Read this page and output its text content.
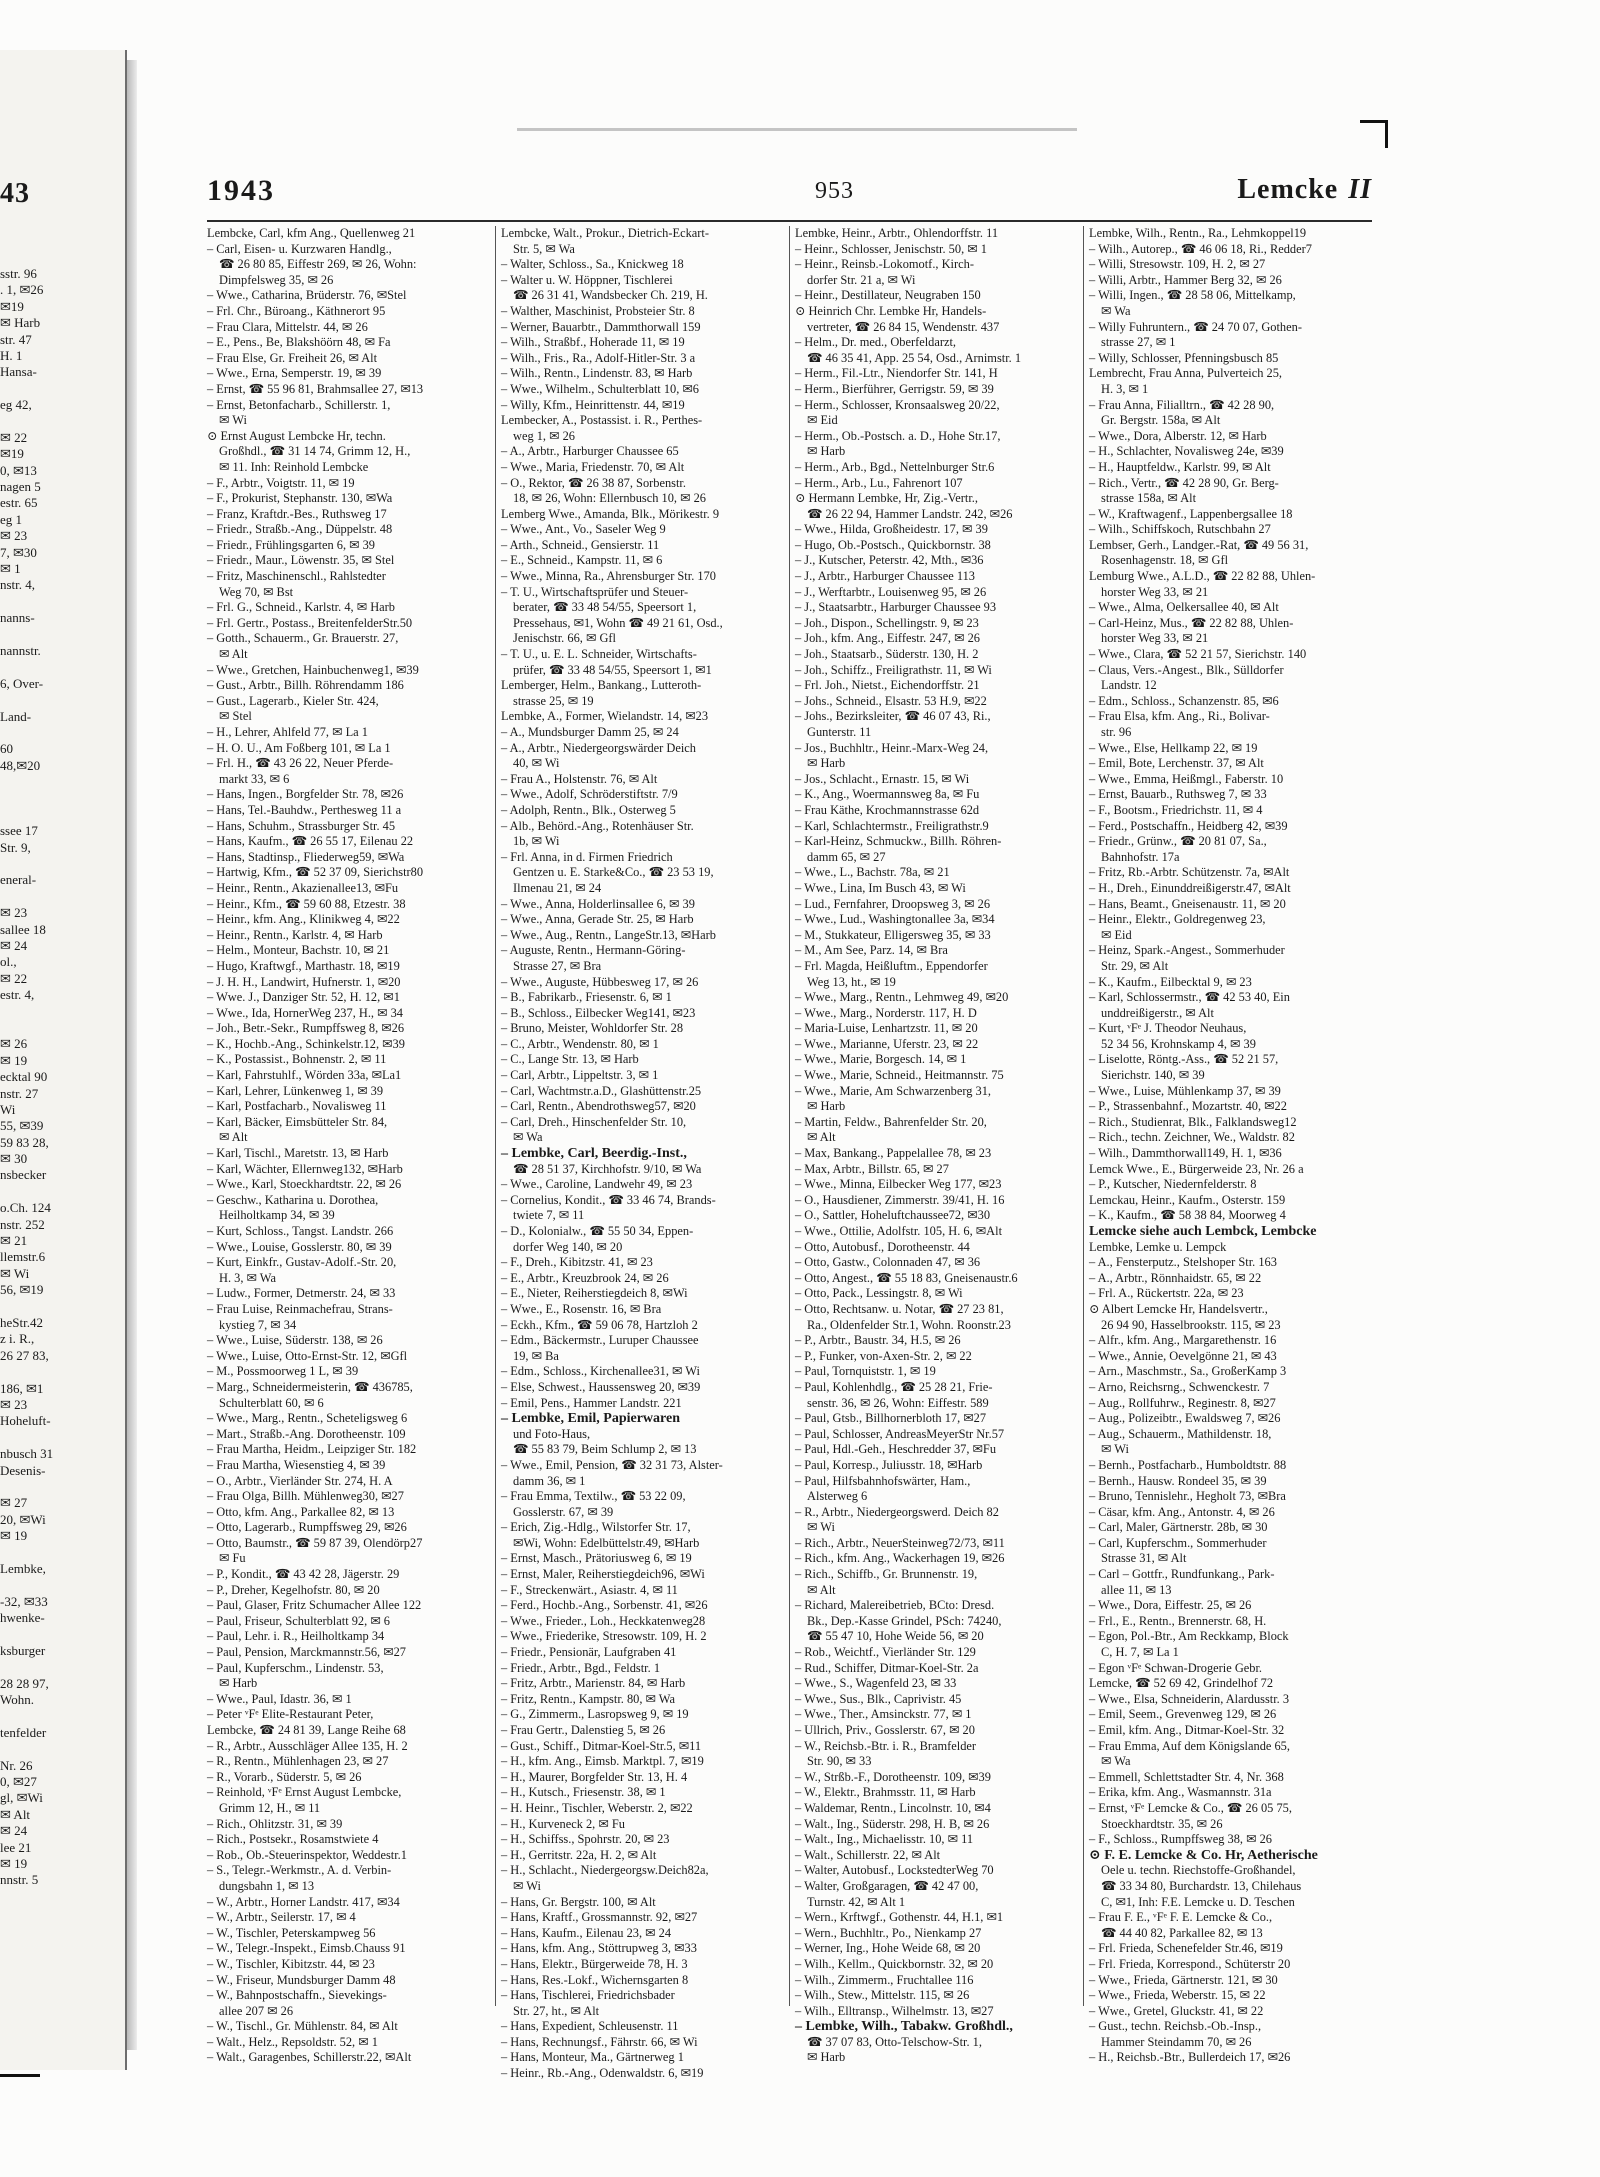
43
sstr. 96
. 1, ✉26
✉19
✉ Harb
str. 47
H. 1
Hansa-
eg 42,
✉ 22
✉19
0, ✉13
nagen 5
estr. 65
eg 1
✉ 23
7, ✉30
✉ 1
nstr. 4,
nanns-
nannstr.
6, Over-
Land-
60
48,✉20
ssee 17
Str. 9,
eneral-
✉ 23
sallee 18
✉ 24
ol.,
✉ 22
estr. 4,
✉ 26
✉ 19
ecktal 90
nstr. 27
Wi
55, ✉39
59 83 28,
✉ 30
nsbecker
o.Ch. 124
nstr. 252
✉ 21
llemstr.6
✉ Wi
56, ✉19
heStr.42
z i. R.,
26 27 83,
186, ✉1
✉ 23
Hoheluft-
nbusch 31
Desenis-
✉ 27
20, ✉Wi
✉ 19
Lembke,
-32, ✉33
hwenke-
ksburger
28 28 97,
Wohn.
tenfelder
Nr. 26
0, ✉27
gl, ✉Wi
✉ Alt
✉ 24
lee 21
✉ 19
nnstr. 5
1943	953	Lemcke II
Lembcke, Carl, kfm Ang., Quellenweg 21
– Carl, Eisen- u. Kurzwaren Handlg.,
☎ 26 80 85, Eiffestr 269, ✉ 26, Wohn:
Dimpfelsweg 35, ✉ 26
– Wwe., Catharina, Brüderstr. 76, ✉Stel
– Frl. Chr., Büroang., Käthnerort 95
– Frau Clara, Mittelstr. 44, ✉ 26
– E., Pens., Be, Blakshöörn 48, ✉ Fa
– Frau Else, Gr. Freiheit 26, ✉ Alt
– Wwe., Erna, Semperstr. 19, ✉ 39
– Ernst, ☎ 55 96 81, Brahmsallee 27, ✉13
– Ernst, Betonfacharb., Schillerstr. 1,
✉ Wi
⊙ Ernst August Lembcke Hr, techn.
Großhdl., ☎ 31 14 74, Grimm 12, H.,
✉ 11. Inh: Reinhold Lembcke
– F., Arbtr., Voigtstr. 11, ✉ 19
– F., Prokurist, Stephanstr. 130, ✉Wa
– Franz, Kraftdr.-Bes., Ruthsweg 17
– Friedr., Straßb.-Ang., Düppelstr. 48
– Friedr., Frühlingsgarten 6, ✉ 39
– Friedr., Maur., Löwenstr. 35, ✉ Stel
– Fritz, Maschinenschl., Rahlstedter
Weg 70, ✉ Bst
– Frl. G., Schneid., Karlstr. 4, ✉ Harb
– Frl. Gertr., Postass., BreitenfelderStr.50
– Gotth., Schauerm., Gr. Brauerstr. 27,
✉ Alt
– Wwe., Gretchen, Hainbuchenweg1, ✉39
– Gust., Arbtr., Billh. Röhrendamm 186
– Gust., Lagerarb., Kieler Str. 424,
✉ Stel
– H., Lehrer, Ahlfeld 77, ✉ La 1
– H. O. U., Am Foßberg 101, ✉ La 1
– Frl. H., ☎ 43 26 22, Neuer Pferde-
markt 33, ✉ 6
– Hans, Ingen., Borgfelder Str. 78, ✉26
– Hans, Tel.-Bauhdw., Perthesweg 11 a
– Hans, Schuhm., Strassburger Str. 45
– Hans, Kaufm., ☎ 26 55 17, Eilenau 22
– Hans, Stadtinsp., Fliederweg59, ✉Wa
– Hartwig, Kfm., ☎ 52 37 09, Sierichstr80
– Heinr., Rentn., Akazienallee13, ✉Fu
– Heinr., Kfm., ☎ 59 60 88, Etzestr. 38
– Heinr., kfm. Ang., Klinikweg 4, ✉22
– Heinr., Rentn., Karlstr. 4, ✉ Harb
– Helm., Monteur, Bachstr. 10, ✉ 21
– Hugo, Kraftwgf., Marthastr. 18, ✉19
– J. H. H., Landwirt, Hufnerstr. 1, ✉20
– Wwe. J., Danziger Str. 52, H. 12, ✉1
– Wwe., Ida, HornerWeg 237, H., ✉ 34
– Joh., Betr.-Sekr., Rumpffsweg 8, ✉26
– K., Hochb.-Ang., Schinkelstr.12, ✉39
– K., Postassist., Bohnenstr. 2, ✉ 11
– Karl, Fahrstuhlf., Wörden 33a, ✉La1
– Karl, Lehrer, Lünkenweg 1, ✉ 39
– Karl, Postfacharb., Novalisweg 11
– Karl, Bäcker, Eimsbütteler Str. 84,
✉ Alt
– Karl, Tischl., Maretstr. 13, ✉ Harb
– Karl, Wächter, Ellernweg132, ✉Harb
– Wwe., Karl, Stoeckhardtstr. 22, ✉ 26
– Geschw., Katharina u. Dorothea,
Heilholtkamp 34, ✉ 39
– Kurt, Schloss., Tangst. Landstr. 266
– Wwe., Louise, Gosslerstr. 80, ✉ 39
– Kurt, Einkfr., Gustav-Adolf.-Str. 20,
H. 3, ✉ Wa
– Ludw., Former, Detmerstr. 24, ✉ 33
– Frau Luise, Reinmachefrau, Strans-
kystieg 7, ✉ 34
– Wwe., Luise, Süderstr. 138, ✉ 26
– Wwe., Luise, Otto-Ernst-Str. 12, ✉Gfl
– M., Possmoorweg 1 L, ✉ 39
– Marg., Schneidermeisterin, ☎ 436785,
Schulterblatt 60, ✉ 6
– Wwe., Marg., Rentn., Scheteligsweg 6
– Mart., Straßb.-Ang. Dorotheenstr. 109
– Frau Martha, Heidm., Leipziger Str. 182
– Frau Martha, Wiesenstieg 4, ✉ 39
– O., Arbtr., Vierländer Str. 274, H. A
– Frau Olga, Billh. Mühlenweg30, ✉27
– Otto, kfm. Ang., Parkallee 82, ✉ 13
– Otto, Lagerarb., Rumpffsweg 29, ✉26
– Otto, Baumstr., ☎ 59 87 39, Olendörp27
✉ Fu
– P., Kondit., ☎ 43 42 28, Jägerstr. 29
– P., Dreher, Kegelhofstr. 80, ✉ 20
– Paul, Glaser, Fritz Schumacher Allee 122
– Paul, Friseur, Schulterblatt 92, ✉ 6
– Paul, Lehr. i. R., Heilholtkamp 34
– Paul, Pension, Marckmannstr.56, ✉27
– Paul, Kupferschm., Lindenstr. 53,
✉ Harb
– Wwe., Paul, Idastr. 36, ✉ 1
– Peter ᵛFᵉ Elite-Restaurant Peter,
Lembcke, ☎ 24 81 39, Lange Reihe 68
– R., Arbtr., Ausschläger Allee 135, H. 2
– R., Rentn., Mühlenhagen 23, ✉ 27
– R., Vorarb., Süderstr. 5, ✉ 26
– Reinhold, ᵛFᵉ Ernst August Lembcke,
Grimm 12, H., ✉ 11
– Rich., Ohlitzstr. 31, ✉ 39
– Rich., Postsekr., Rosamstwiete 4
– Rob., Ob.-Steuerinspektor, Weddestr.1
– S., Telegr.-Werkmstr., A. d. Verbin-
dungsbahn 1, ✉ 13
– W., Arbtr., Horner Landstr. 417, ✉34
– W., Arbtr., Seilerstr. 17, ✉ 4
– W., Tischler, Peterskampweg 56
– W., Telegr.-Inspekt., Eimsb.Chauss 91
– W., Tischler, Kibitzstr. 44, ✉ 23
– W., Friseur, Mundsburger Damm 48
– W., Bahnpostschaffn., Sievekings-
allee 207 ✉ 26
– W., Tischl., Gr. Mühlenstr. 84, ✉ Alt
– Walt., Helz., Repsoldstr. 52, ✉ 1
– Walt., Garagenbes, Schillerstr.22, ✉Alt
Lembcke, Walt., Prokur., Dietrich-Eckart-
Str. 5, ✉ Wa
– Walter, Schloss., Sa., Knickweg 18
– Walter u. W. Höppner, Tischlerei
☎ 26 31 41, Wandsbecker Ch. 219, H.
– Walther, Maschinist, Probsteier Str. 8
– Werner, Bauarbtr., Dammthorwall 159
– Wilh., Straßbf., Hoherade 11, ✉ 19
– Wilh., Fris., Ra., Adolf-Hitler-Str. 3 a
– Wilh., Rentn., Lindenstr. 83, ✉ Harb
– Wwe., Wilhelm., Schulterblatt 10, ✉6
– Willy, Kfm., Heinrittenstr. 44, ✉19
Lembecker, A., Postassist. i. R., Perthes-
weg 1, ✉ 26
– A., Arbtr., Harburger Chaussee 65
– Wwe., Maria, Friedenstr. 70, ✉ Alt
– O., Rektor, ☎ 26 38 87, Sorbenstr.
18, ✉ 26, Wohn: Ellernbusch 10, ✉ 26
Lemberg Wwe., Amanda, Blk., Mörikestr. 9
– Wwe., Ant., Vo., Saseler Weg 9
– Arth., Schneid., Gensierstr. 11
– E., Schneid., Kampstr. 11, ✉ 6
– Wwe., Minna, Ra., Ahrensburger Str. 170
– T. U., Wirtschaftsprüfer und Steuer-
berater, ☎ 33 48 54/55, Speersort 1,
Pressehaus, ✉1, Wohn ☎ 49 21 61, Osd.,
Jenischstr. 66, ✉ Gfl
– T. U., u. E. L. Schneider, Wirtschafts-
prüfer, ☎ 33 48 54/55, Speersort 1, ✉1
Lemberger, Helm., Bankang., Lutteroth-
strasse 25, ✉ 19
Lembke, A., Former, Wielandstr. 14, ✉23
– A., Mundsburger Damm 25, ✉ 24
– A., Arbtr., Niedergeorgswärder Deich
40, ✉ Wi
– Frau A., Holstenstr. 76, ✉ Alt
– Wwe., Adolf, Schröderstiftstr. 7/9
– Adolph, Rentn., Blk., Osterweg 5
– Alb., Behörd.-Ang., Rotenhäuser Str.
1b, ✉ Wi
– Frl. Anna, in d. Firmen Friedrich
Gentzen u. E. Starke&Co., ☎ 23 53 19,
Ilmenau 21, ✉ 24
– Wwe., Anna, Holderlinsallee 6, ✉ 39
– Wwe., Anna, Gerade Str. 25, ✉ Harb
– Wwe., Aug., Rentn., LangeStr.13, ✉Harb
– Auguste, Rentn., Hermann-Göring-
Strasse 27, ✉ Bra
– Wwe., Auguste, Hübbesweg 17, ✉ 26
– B., Fabrikarb., Friesenstr. 6, ✉ 1
– B., Schloss., Eilbecker Weg141, ✉23
– Bruno, Meister, Wohldorfer Str. 28
– C., Arbtr., Wendenstr. 80, ✉ 1
– C., Lange Str. 13, ✉ Harb
– Carl, Arbtr., Lippeltstr. 3, ✉ 1
– Carl, Wachtmstr.a.D., Glashüttenstr.25
– Carl, Rentn., Abendrothsweg57, ✉20
– Carl, Dreh., Hinschenfelder Str. 10,
✉ Wa
– Lembke, Carl, Beerdig.-Inst.,
☎ 28 51 37, Kirchhofstr. 9/10, ✉ Wa
– Wwe., Caroline, Landwehr 49, ✉ 23
– Cornelius, Kondit., ☎ 33 46 74, Brands-
twiete 7, ✉ 11
– D., Kolonialw., ☎ 55 50 34, Eppen-
dorfer Weg 140, ✉ 20
– F., Dreh., Kibitzstr. 41, ✉ 23
– E., Arbtr., Kreuzbrook 24, ✉ 26
– E., Nieter, Reiherstiegdeich 8, ✉Wi
– Wwe., E., Rosenstr. 16, ✉ Bra
– Eckh., Kfm., ☎ 59 06 78, Hartzloh 2
– Edm., Bäckermstr., Luruper Chaussee
19, ✉ Ba
– Edm., Schloss., Kirchenallee31, ✉ Wi
– Else, Schwest., Haussensweg 20, ✉39
– Emil, Pens., Hammer Landstr. 221
– Lembke, Emil, Papierwaren
und Foto-Haus,
☎ 55 83 79, Beim Schlump 2, ✉ 13
– Wwe., Emil, Pension, ☎ 32 31 73, Alster-
damm 36, ✉ 1
– Frau Emma, Textilw., ☎ 53 22 09,
Gosslerstr. 67, ✉ 39
– Erich, Zig.-Hdlg., Wilstorfer Str. 17,
✉Wi, Wohn: Edelbüttelstr.49, ✉Harb
– Ernst, Masch., Prätoriusweg 6, ✉ 19
– Ernst, Maler, Reiherstiegdeich96, ✉Wi
– F., Streckenwärt., Asiastr. 4, ✉ 11
– Ferd., Hochb.-Ang., Sorbenstr. 41, ✉26
– Wwe., Frieder., Loh., Heckkatenweg28
– Wwe., Friederike, Stresowstr. 109, H. 2
– Friedr., Pensionär, Laufgraben 41
– Friedr., Arbtr., Bgd., Feldstr. 1
– Fritz, Arbtr., Marienstr. 84, ✉ Harb
– Fritz, Rentn., Kampstr. 80, ✉ Wa
– G., Zimmerm., Lasropsweg 9, ✉ 19
– Frau Gertr., Dalenstieg 5, ✉ 26
– Gust., Schiff., Ditmar-Koel-Str.5, ✉11
– H., kfm. Ang., Eimsb. Marktpl. 7, ✉19
– H., Maurer, Borgfelder Str. 13, H. 4
– H., Kutsch., Friesenstr. 38, ✉ 1
– H. Heinr., Tischler, Weberstr. 2, ✉22
– H., Kurveneck 2, ✉ Fu
– H., Schiffss., Spohrstr. 20, ✉ 23
– H., Gerritstr. 22a, H. 2, ✉ Alt
– H., Schlacht., Niedergeorgsw.Deich82a,
✉ Wi
– Hans, Gr. Bergstr. 100, ✉ Alt
– Hans, Kraftf., Grossmannstr. 92, ✉27
– Hans, Kaufm., Eilenau 23, ✉ 24
– Hans, kfm. Ang., Stöttrupweg 3, ✉33
– Hans, Elektr., Bürgerweide 78, H. 3
– Hans, Res.-Lokf., Wichernsgarten 8
– Hans, Tischlerei, Friedrichsbader
Str. 27, ht., ✉ Alt
– Hans, Expedient, Schleusenstr. 11
– Hans, Rechnungsf., Fährstr. 66, ✉ Wi
– Hans, Monteur, Ma., Gärtnerweg 1
– Heinr., Rb.-Ang., Odenwaldstr. 6, ✉19
Lembke, Heinr., Arbtr., Ohlendorffstr. 11
– Heinr., Schlosser, Jenischstr. 50, ✉ 1
– Heinr., Reinsb.-Lokomotf., Kirch-
dorfer Str. 21 a, ✉ Wi
– Heinr., Destillateur, Neugraben 150
⊙ Heinrich Chr. Lembke Hr, Handels-
vertreter, ☎ 26 84 15, Wendenstr. 437
– Helm., Dr. med., Oberfeldarzt,
☎ 46 35 41, App. 25 54, Osd., Arnimstr. 1
– Herm., Fil.-Ltr., Niendorfer Str. 141, H
– Herm., Bierführer, Gerrigstr. 59, ✉ 39
– Herm., Schlosser, Kronsaalsweg 20/22,
✉ Eid
– Herm., Ob.-Postsch. a. D., Hohe Str.17,
✉ Harb
– Herm., Arb., Bgd., Nettelnburger Str.6
– Herm., Arb., Lu., Fahrenort 107
⊙ Hermann Lembke, Hr, Zig.-Vertr.,
☎ 26 22 94, Hammer Landstr. 242, ✉26
– Wwe., Hilda, Großheidestr. 17, ✉ 39
– Hugo, Ob.-Postsch., Quickbornstr. 38
– J., Kutscher, Peterstr. 42, Mth., ✉36
– J., Arbtr., Harburger Chaussee 113
– J., Werftarbtr., Louisenweg 95, ✉ 26
– J., Staatsarbtr., Harburger Chaussee 93
– Joh., Dispon., Schellingstr. 9, ✉ 23
– Joh., kfm. Ang., Eiffestr. 247, ✉ 26
– Joh., Staatsarb., Süderstr. 130, H. 2
– Joh., Schiffz., Freiligrathstr. 11, ✉ Wi
– Frl. Joh., Nietst., Eichendorffstr. 21
– Johs., Schneid., Elsastr. 53 H.9, ✉22
– Johs., Bezirksleiter, ☎ 46 07 43, Ri.,
Gunterstr. 11
– Jos., Buchhltr., Heinr.-Marx-Weg 24,
✉ Harb
– Jos., Schlacht., Ernastr. 15, ✉ Wi
– K., Ang., Woermannsweg 8a, ✉ Fu
– Frau Käthe, Krochmannstrasse 62d
– Karl, Schlachtermstr., Freiligrathstr.9
– Karl-Heinz, Schmuckw., Billh. Röhren-
damm 65, ✉ 27
– Wwe., L., Bachstr. 78a, ✉ 21
– Wwe., Lina, Im Busch 43, ✉ Wi
– Lud., Fernfahrer, Droopsweg 3, ✉ 26
– Wwe., Lud., Washingtonallee 3a, ✉34
– M., Stukkateur, Elligersweg 35, ✉ 33
– M., Am See, Parz. 14, ✉ Bra
– Frl. Magda, Heißluftm., Eppendorfer
Weg 13, ht., ✉ 19
– Wwe., Marg., Rentn., Lehmweg 49, ✉20
– Wwe., Marg., Norderstr. 117, H. D
– Maria-Luise, Lenhartzstr. 11, ✉ 20
– Wwe., Marianne, Uferstr. 23, ✉ 22
– Wwe., Marie, Borgesch. 14, ✉ 1
– Wwe., Marie, Schneid., Heitmannstr. 75
– Wwe., Marie, Am Schwarzenberg 31,
✉ Harb
– Martin, Feldw., Bahrenfelder Str. 20,
✉ Alt
– Max, Bankang., Pappelallee 78, ✉ 23
– Max, Arbtr., Billstr. 65, ✉ 27
– Wwe., Minna, Eilbecker Weg 177, ✉23
– O., Hausdiener, Zimmerstr. 39/41, H. 16
– O., Sattler, Hoheluftchaussee72, ✉30
– Wwe., Ottilie, Adolfstr. 105, H. 6, ✉Alt
– Otto, Autobusf., Dorotheenstr. 44
– Otto, Gastw., Colonnaden 47, ✉ 36
– Otto, Angest., ☎ 55 18 83, Gneisenaustr.6
– Otto, Pack., Lessingstr. 8, ✉ Wi
– Otto, Rechtsanw. u. Notar, ☎ 27 23 81,
Ra., Oldenfelder Str.1, Wohn. Roonstr.23
– P., Arbtr., Baustr. 34, H.5, ✉ 26
– P., Funker, von-Axen-Str. 2, ✉ 22
– Paul, Tornquiststr. 1, ✉ 19
– Paul, Kohlenhdlg., ☎ 25 28 21, Frie-
senstr. 36, ✉ 26, Wohn: Eiffestr. 589
– Paul, Gtsb., Billhornerbloth 17, ✉27
– Paul, Schlosser, AndreasMeyerStr Nr.57
– Paul, Hdl.-Geh., Heschredder 37, ✉Fu
– Paul, Korresp., Juliusstr. 18, ✉Harb
– Paul, Hilfsbahnhofswärter, Ham.,
Alsterweg 6
– R., Arbtr., Niedergeorgswerd. Deich 82
✉ Wi
– Rich., Arbtr., NeuerSteinweg72/73, ✉11
– Rich., kfm. Ang., Wackerhagen 19, ✉26
– Rich., Schiffb., Gr. Brunnenstr. 19,
✉ Alt
– Richard, Malereibetrieb, BCto: Dresd.
Bk., Dep.-Kasse Grindel, PSch: 74240,
☎ 55 47 10, Hohe Weide 56, ✉ 20
– Rob., Weichtf., Vierländer Str. 129
– Rud., Schiffer, Ditmar-Koel-Str. 2a
– Wwe., S., Wagenfeld 23, ✉ 33
– Wwe., Sus., Blk., Caprivistr. 45
– Wwe., Ther., Amsinckstr. 77, ✉ 1
– Ullrich, Priv., Gosslerstr. 67, ✉ 20
– W., Reichsb.-Btr. i. R., Bramfelder
Str. 90, ✉ 33
– W., Strßb.-F., Dorotheenstr. 109, ✉39
– W., Elektr., Brahmsstr. 11, ✉ Harb
– Waldemar, Rentn., Lincolnstr. 10, ✉4
– Walt., Ing., Süderstr. 298, H. B, ✉ 26
– Walt., Ing., Michaelisstr. 10, ✉ 11
– Walt., Schillerstr. 22, ✉ Alt
– Walter, Autobusf., LockstedterWeg 70
– Walter, Großgaragen, ☎ 42 47 00,
Turnstr. 42, ✉ Alt 1
– Wern., Krftwgf., Gothenstr. 44, H.1, ✉1
– Wern., Buchhltr., Po., Nienkamp 27
– Werner, Ing., Hohe Weide 68, ✉ 20
– Wilh., Kellm., Quickbornstr. 32, ✉ 20
– Wilh., Zimmerm., Fruchtallee 116
– Wilh., Stew., Mittelstr. 115, ✉ 26
– Wilh., Elltransp., Wilhelmstr. 13, ✉27
– Lembke, Wilh., Tabakw. Großhdl.,
☎ 37 07 83, Otto-Telschow-Str. 1,
✉ Harb
Lembke, Wilh., Rentn., Ra., Lehmkoppel19
– Wilh., Autorep., ☎ 46 06 18, Ri., Redder7
– Willi, Stresowstr. 109, H. 2, ✉ 27
– Willi, Arbtr., Hammer Berg 32, ✉ 26
– Willi, Ingen., ☎ 28 58 06, Mittelkamp,
✉ Wa
– Willy Fuhruntern., ☎ 24 70 07, Gothen-
strasse 27, ✉ 1
– Willy, Schlosser, Pfenningsbusch 85
Lembrecht, Frau Anna, Pulverteich 25,
H. 3, ✉ 1
– Frau Anna, Filialltrn., ☎ 42 28 90,
Gr. Bergstr. 158a, ✉ Alt
– Wwe., Dora, Alberstr. 12, ✉ Harb
– H., Schlachter, Novalisweg 24e, ✉39
– H., Hauptfeldw., Karlstr. 99, ✉ Alt
– Rich., Vertr., ☎ 42 28 90, Gr. Berg-
strasse 158a, ✉ Alt
– W., Kraftwagenf., Lappenbergsallee 18
– Wilh., Schiffskoch, Rutschbahn 27
Lembser, Gerh., Landger.-Rat, ☎ 49 56 31,
Rosenhagenstr. 18, ✉ Gfl
Lemburg Wwe., A.L.D., ☎ 22 82 88, Uhlen-
horster Weg 33, ✉ 21
– Wwe., Alma, Oelkersallee 40, ✉ Alt
– Carl-Heinz, Mus., ☎ 22 82 88, Uhlen-
horster Weg 33, ✉ 21
– Wwe., Clara, ☎ 52 21 57, Sierichstr. 140
– Claus, Vers.-Angest., Blk., Sülldorfer
Landstr. 12
– Edm., Schloss., Schanzenstr. 85, ✉6
– Frau Elsa, kfm. Ang., Ri., Bolivar-
str. 96
– Wwe., Else, Hellkamp 22, ✉ 19
– Emil, Bote, Lerchenstr. 37, ✉ Alt
– Wwe., Emma, Heißmgl., Faberstr. 10
– Ernst, Bauarb., Ruthsweg 7, ✉ 33
– F., Bootsm., Friedrichstr. 11, ✉ 4
– Ferd., Postschaffn., Heidberg 42, ✉39
– Friedr., Grünw., ☎ 20 81 07, Sa.,
Bahnhofstr. 17a
– Fritz, Rb.-Arbtr. Schützenstr. 7a, ✉Alt
– H., Dreh., Einunddreißigerstr.47, ✉Alt
– Hans, Beamt., Gneisenaustr. 11, ✉ 20
– Heinr., Elektr., Goldregenweg 23,
✉ Eid
– Heinz, Spark.-Angest., Sommerhuder
Str. 29, ✉ Alt
– K., Kaufm., Eilbecktal 9, ✉ 23
– Karl, Schlossermstr., ☎ 42 53 40, Ein
unddreißigerstr., ✉ Alt
– Kurt, ᵛFᵉ J. Theodor Neuhaus,
52 34 56, Krohnskamp 4, ✉ 39
– Liselotte, Röntg.-Ass., ☎ 52 21 57,
Sierichstr. 140, ✉ 39
– Wwe., Luise, Mühlenkamp 37, ✉ 39
– P., Strassenbahnf., Mozartstr. 40, ✉22
– Rich., Studienrat, Blk., Falklandsweg12
– Rich., techn. Zeichner, We., Waldstr. 82
– Wilh., Dammthorwall149, H. 1, ✉36
Lemck Wwe., E., Bürgerweide 23, Nr. 26 a
– P., Kutscher, Niedernfelderstr. 8
Lemckau, Heinr., Kaufm., Osterstr. 159
– K., Kaufm., ☎ 58 38 84, Moorweg 4
Lemcke siehe auch Lembck, Lembcke
Lembke, Lemke u. Lempck
– A., Fensterputz., Stelshoper Str. 163
– A., Arbtr., Rönnhaidstr. 65, ✉ 22
– Frl. A., Rückertstr. 22a, ✉ 23
⊙ Albert Lemcke Hr, Handelsvertr.,
26 94 90, Hasselbrookstr. 115, ✉ 23
– Alfr., kfm. Ang., Margarethenstr. 16
– Wwe., Annie, Oevelgönne 21, ✉ 43
– Arn., Maschmstr., Sa., GroßerKamp 3
– Arno, Reichsrng., Schwenckestr. 7
– Aug., Rollfuhrw., Reginestr. 8, ✉27
– Aug., Polizeibtr., Ewaldsweg 7, ✉26
– Aug., Schauerm., Mathildenstr. 18,
✉ Wi
– Bernh., Postfacharb., Humboldtstr. 88
– Bernh., Hausw. Rondeel 35, ✉ 39
– Bruno, Tennislehr., Hegholt 73, ✉Bra
– Cäsar, kfm. Ang., Antonstr. 4, ✉ 26
– Carl, Maler, Gärtnerstr. 28b, ✉ 30
– Carl, Kupferschm., Sommerhuder
Strasse 31, ✉ Alt
– Carl – Gottfr., Rundfunkang., Park-
allee 11, ✉ 13
– Wwe., Dora, Eiffestr. 25, ✉ 26
– Frl., E., Rentn., Brennerstr. 68, H.
– Egon, Pol.-Btr., Am Reckkamp, Block
C, H. 7, ✉ La 1
– Egon ᵛFᵉ Schwan-Drogerie Gebr.
Lemcke, ☎ 52 69 42, Grindelhof 72
– Wwe., Elsa, Schneiderin, Alardusstr. 3
– Emil, Seem., Grevenweg 129, ✉ 26
– Emil, kfm. Ang., Ditmar-Koel-Str. 32
– Frau Emma, Auf dem Königslande 65,
✉ Wa
– Emmell, Schlettstadter Str. 4, Nr. 368
– Erika, kfm. Ang., Wasmannstr. 31a
– Ernst, ᵛFᵉ Lemcke & Co., ☎ 26 05 75,
Stoeckhardtstr. 35, ✉ 26
– F., Schloss., Rumpffsweg 38, ✉ 26
⊙ F. E. Lemcke & Co. Hr, Aetherische
Oele u. techn. Riechstoffe-Großhandel,
☎ 33 34 80, Burchardstr. 13, Chilehaus
C, ✉1, Inh: F.E. Lemcke u. D. Teschen
– Frau F. E., ᵛFᵉ F. E. Lemcke & Co.,
☎ 44 40 82, Parkallee 82, ✉ 13
– Frl. Frieda, Schenefelder Str.46, ✉19
– Frl. Frieda, Korrespond., Schüterstr 20
– Wwe., Frieda, Gärtnerstr. 121, ✉ 30
– Wwe., Frieda, Weberstr. 15, ✉ 22
– Wwe., Gretel, Gluckstr. 41, ✉ 22
– Gust., techn. Reichsb.-Ob.-Insp.,
Hammer Steindamm 70, ✉ 26
– H., Reichsb.-Btr., Bullerdeich 17, ✉26
